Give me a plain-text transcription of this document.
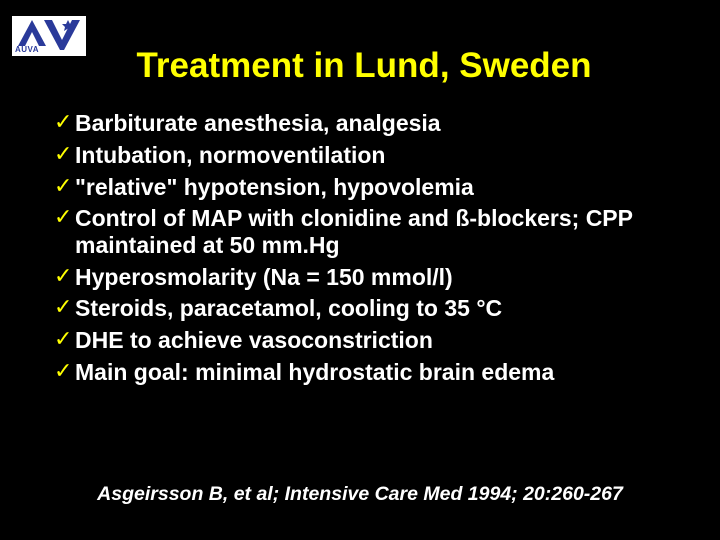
AUVA	Treatment in Lund, Sweden
✓ Barbiturate anesthesia, analgesia
✓ Intubation, normoventilation
✓ "relative" hypotension, hypovolemia
✓ Control of MAP with clonidine and ß-blockers; CPP maintained at 50 mm.Hg
✓ Hyperosmolarity (Na = 150 mmol/l)
✓ Steroids, paracetamol, cooling to 35 °C
✓ DHE to achieve vasoconstriction
✓ Main goal: minimal hydrostatic brain edema
Asgeirsson B, et al; Intensive Care Med 1994; 20:260-267
